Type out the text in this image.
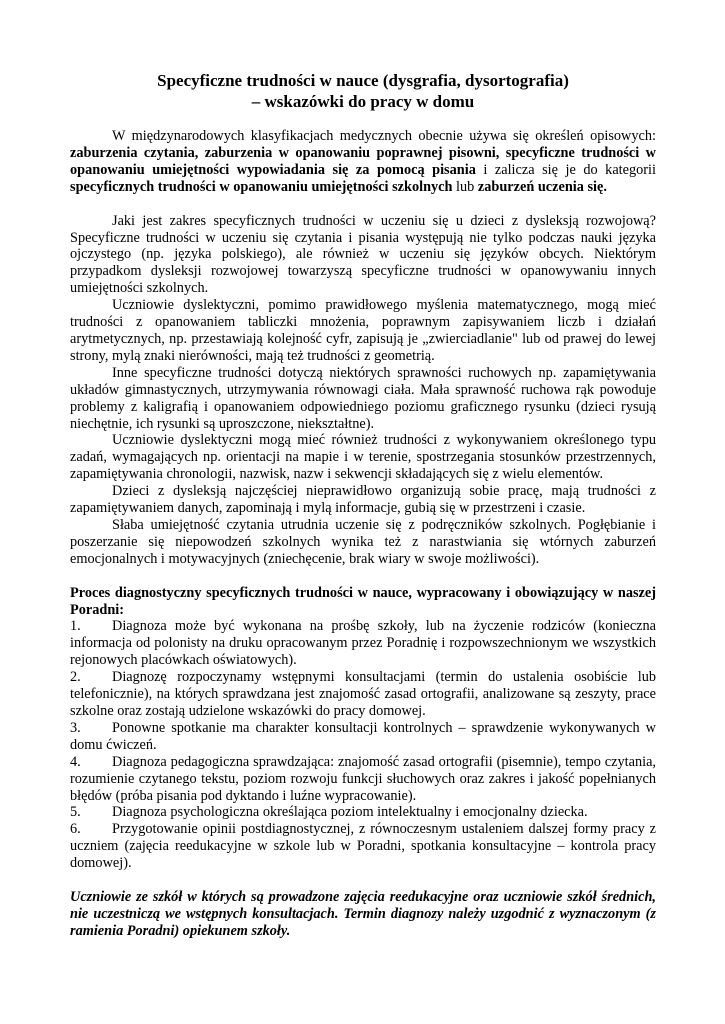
Specyficzne trudności w nauce (dysgrafia, dysortografia)
– wskazówki do pracy w domu

W międzynarodowych klasyfikacjach medycznych obecnie używa się określeń opisowych: zaburzenia czytania, zaburzenia w opanowaniu poprawnej pisowni, specyficzne trudności w opanowaniu umiejętności wypowiadania się za pomocą pisania i zalicza się je do kategorii specyficznych trudności w opanowaniu umiejętności szkolnych lub zaburzeń uczenia się.

Jaki jest zakres specyficznych trudności w uczeniu się u dzieci z dysleksją rozwojową? Specyficzne trudności w uczeniu się czytania i pisania występują nie tylko podczas nauki języka ojczystego (np. języka polskiego), ale również w uczeniu się języków obcych. Niektórym przypadkom dysleksji rozwojowej towarzyszą specyficzne trudności w opanowywaniu innych umiejętności szkolnych.

Uczniowie dyslektyczni, pomimo prawidłowego myślenia matematycznego, mogą mieć trudności z opanowaniem tabliczki mnożenia, poprawnym zapisywaniem liczb i działań arytmetycznych, np. przestawiają kolejność cyfr, zapisują je „zwierciadlanie" lub od prawej do lewej strony, mylą znaki nierówności, mają też trudności z geometrią.

Inne specyficzne trudności dotyczą niektórych sprawności ruchowych np. zapamiętywania układów gimnastycznych, utrzymywania równowagi ciała. Mała sprawność ruchowa rąk powoduje problemy z kaligrafią i opanowaniem odpowiedniego poziomu graficznego rysunku (dzieci rysują niechętnie, ich rysunki są uproszczone, niekształtne).

Uczniowie dyslektyczni mogą mieć również trudności z wykonywaniem określonego typu zadań, wymagających np. orientacji na mapie i w terenie, spostrzegania stosunków przestrzennych, zapamiętywania chronologii, nazwisk, nazw i sekwencji składających się z wielu elementów.

Dzieci z dysleksją najczęściej nieprawidłowo organizują sobie pracę, mają trudności z zapamiętywaniem danych, zapominają i mylą informacje, gubią się w przestrzeni i czasie.

Słaba umiejętność czytania utrudnia uczenie się z podręczników szkolnych. Pogłębianie i poszerzanie się niepowodzeń szkolnych wynika też z narastwiania się wtórnych zaburzeń emocjonalnych i motywacyjnych (zniechęcenie, brak wiary w swoje możliwości).

Proces diagnostyczny specyficznych trudności w nauce, wypracowany i obowiązujący w naszej Poradni:

1. Diagnoza może być wykonana na prośbę szkoły, lub na życzenie rodziców (konieczna informacja od polonisty na druku opracowanym przez Poradnię i rozpowszechnionym we wszystkich rejonowych placówkach oświatowych).
2. Diagnozę rozpoczynamy wstępnymi konsultacjami (termin do ustalenia osobiście lub telefonicznie), na których sprawdzana jest znajomość zasad ortografii, analizowane są zeszyty, prace szkolne oraz zostają udzielone wskazówki do pracy domowej.
3. Ponowne spotkanie ma charakter konsultacji kontrolnych – sprawdzenie wykonywanych w domu ćwiczeń.
4. Diagnoza pedagogiczna sprawdzająca: znajomość zasad ortografii (pisemnie), tempo czytania, rozumienie czytanego tekstu, poziom rozwoju funkcji słuchowych oraz zakres i jakość popełnianych błędów (próba pisania pod dyktando i luźne wypracowanie).
5. Diagnoza psychologiczna określająca poziom intelektualny i emocjonalny dziecka.
6. Przygotowanie opinii postdiagnostycznej, z równoczesnym ustaleniem dalszej formy pracy z uczniem (zajęcia reedukacyjne w szkole lub w Poradni, spotkania konsultacyjne – kontrola pracy domowej).

Uczniowie ze szkół w których są prowadzone zajęcia reedukacyjne oraz uczniowie szkół średnich, nie uczestniczą we wstępnych konsultacjach. Termin diagnozy należy uzgodnić z wyznaczonym (z ramienia Poradni) opiekunem szkoły.
